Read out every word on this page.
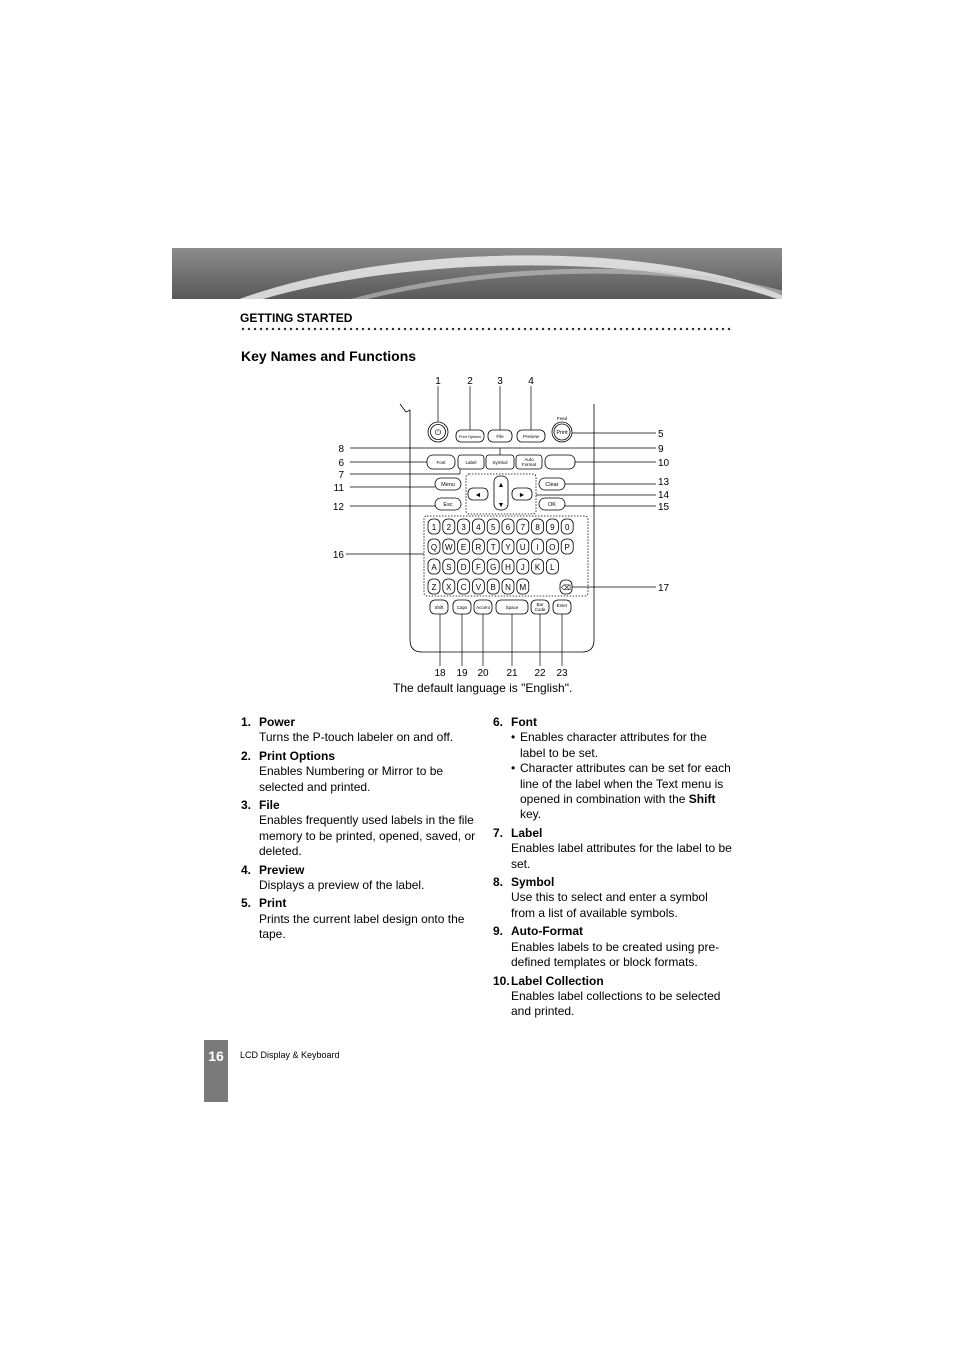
GETTING STARTED
Key Names and Functions
◄
▲
▼
►
⏻
⌫
Feed
Print
Print Options	File	Preview
Font	Label	Symbol
Auto
Format
Menu
Esc
Clear
OK
Shift	Caps Accent	Space
Bar
Code
Enter
1 2 3 4 5 6 7 8 9 0
Q W E R T Y U I O P
A S D F G H J K L
Z X C V B N M
1	2 3	4
5
9
10
13
14
15
17
8
6
7
11
12
16
18 19 20 21 22 23
The default language is "English".
1. Power
Turns the P-touch labeler on and off.
2. Print Options
Enables Numbering or Mirror to be selected and printed.
3. File
Enables frequently used labels in the file memory to be printed, opened, saved, or deleted.
4. Preview
Displays a preview of the label.
5. Print
Prints the current label design onto the tape.
6. Font
• Enables character attributes for the label to be set.
• Character attributes can be set for each line of the label when the Text menu is opened in combination with the Shift key.
7. Label
Enables label attributes for the label to be set.
8. Symbol
Use this to select and enter a symbol from a list of available symbols.
9. Auto-Format
Enables labels to be created using pre-defined templates or block formats.
10. Label Collection
Enables label collections to be selected and printed.
16	LCD Display & Keyboard
